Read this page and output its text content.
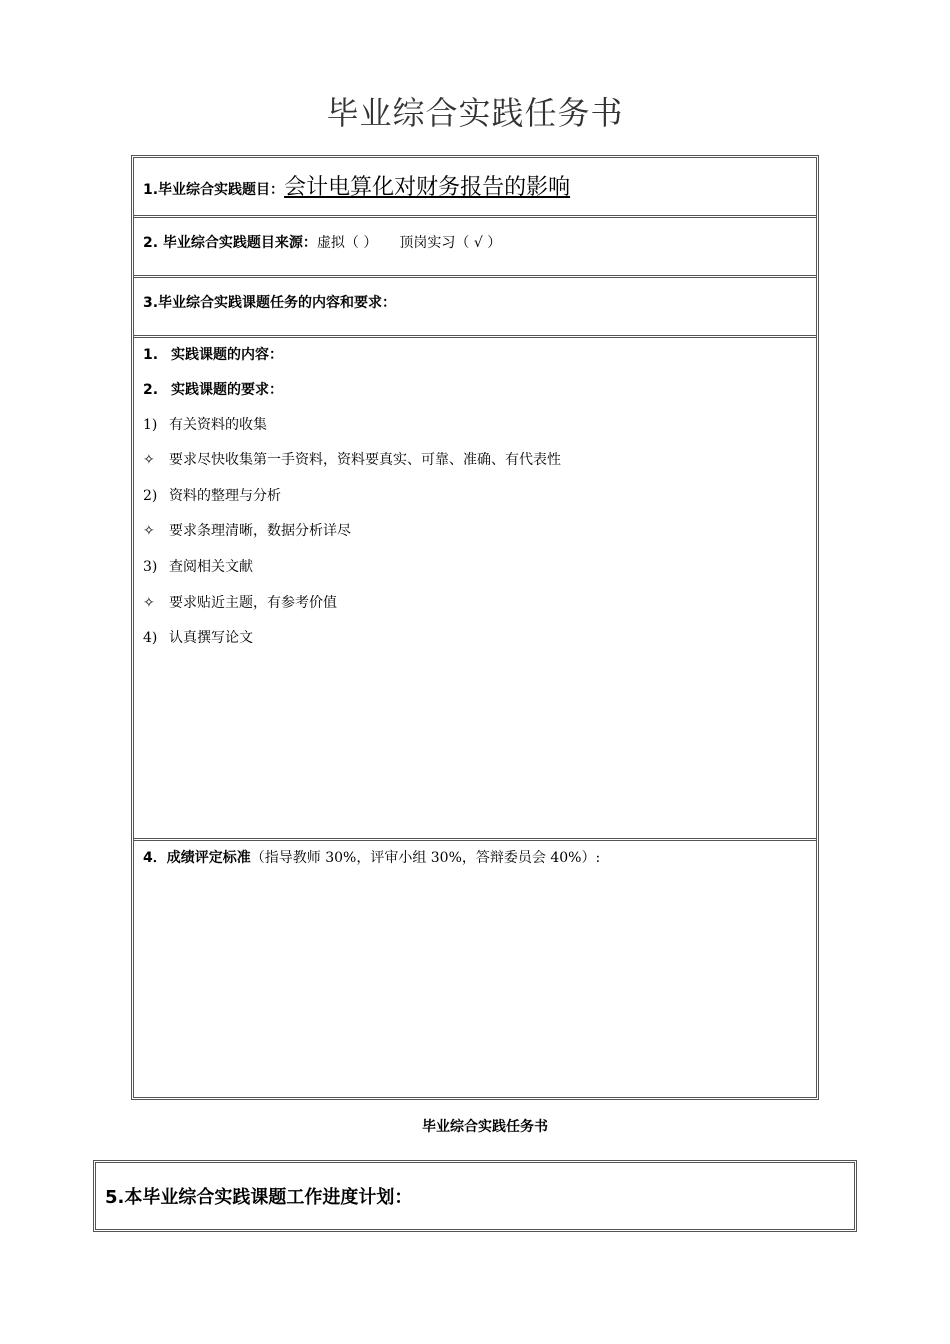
毕业综合实践任务书
1.毕业综合实践题目：会计电算化对财务报告的影响
2. 毕业综合实践题目来源：虚拟（ ） 顶岗实习（ √ ）
3.毕业综合实践课题任务的内容和要求：
1. 实践课题的内容：
2. 实践课题的要求：
1) 有关资料的收集
✧ 要求尽快收集第一手资料，资料要真实、可靠、准确、有代表性
2) 资料的整理与分析
✧ 要求条理清晰，数据分析详尽
3) 查阅相关文献
✧ 要求贴近主题，有参考价值
4) 认真撰写论文
4．成绩评定标准（指导教师 30%，评审小组 30%，答辩委员会 40%）:
毕业综合实践任务书
5.本毕业综合实践课题工作进度计划：
